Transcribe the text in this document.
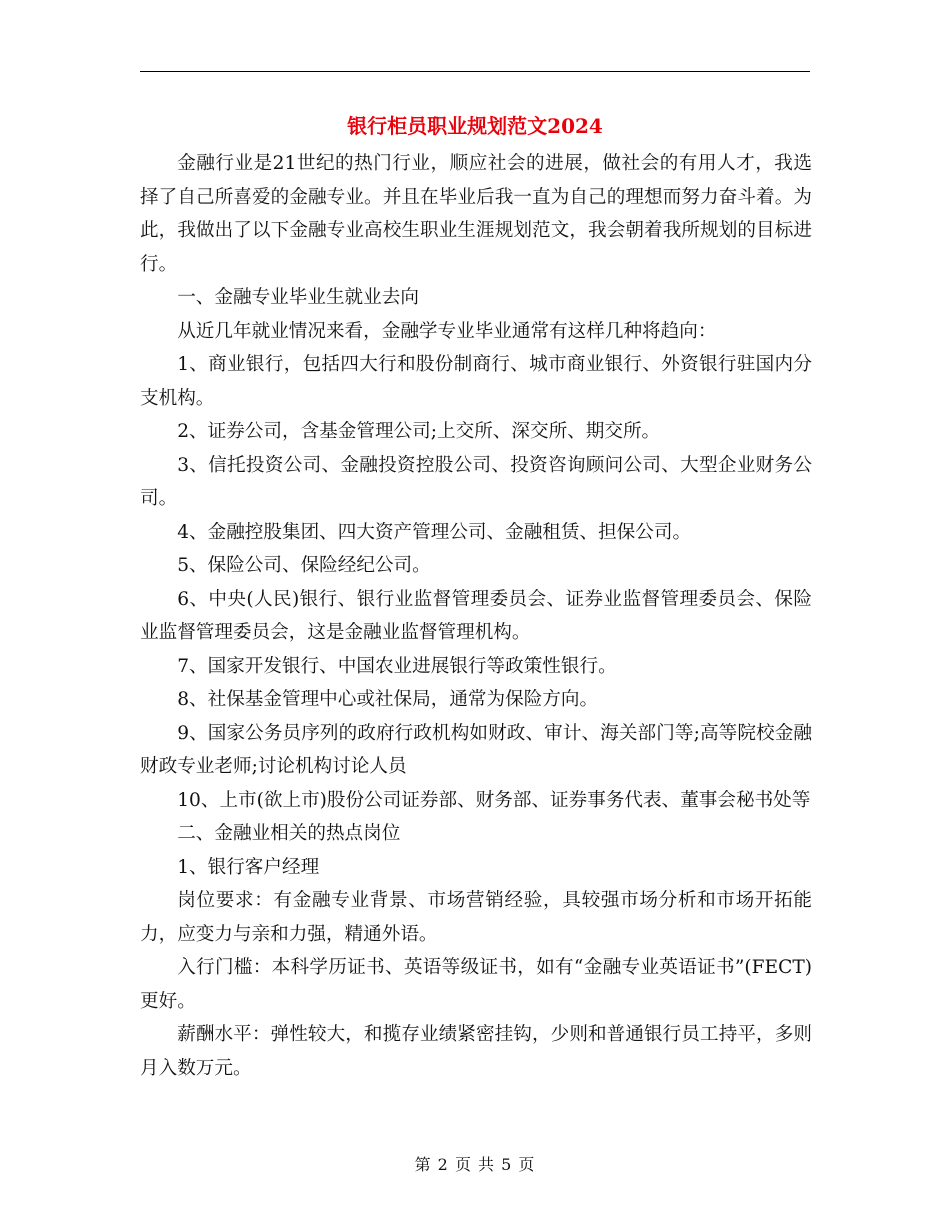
银行柜员职业规划范文2024

金融行业是21世纪的热门行业，顺应社会的进展，做社会的有用人才，我选择了自己所喜爱的金融专业。并且在毕业后我一直为自己的理想而努力奋斗着。为此，我做出了以下金融专业高校生职业生涯规划范文，我会朝着我所规划的目标进行。

一、金融专业毕业生就业去向

从近几年就业情况来看，金融学专业毕业通常有这样几种将趋向：

1、商业银行，包括四大行和股份制商行、城市商业银行、外资银行驻国内分支机构。

2、证券公司，含基金管理公司;上交所、深交所、期交所。

3、信托投资公司、金融投资控股公司、投资咨询顾问公司、大型企业财务公司。

4、金融控股集团、四大资产管理公司、金融租赁、担保公司。

5、保险公司、保险经纪公司。

6、中央(人民)银行、银行业监督管理委员会、证券业监督管理委员会、保险业监督管理委员会，这是金融业监督管理机构。

7、国家开发银行、中国农业进展银行等政策性银行。

8、社保基金管理中心或社保局，通常为保险方向。

9、国家公务员序列的政府行政机构如财政、审计、海关部门等;高等院校金融财政专业老师;讨论机构讨论人员

10、上市(欲上市)股份公司证券部、财务部、证券事务代表、董事会秘书处等

二、金融业相关的热点岗位

1、银行客户经理

岗位要求：有金融专业背景、市场营销经验，具较强市场分析和市场开拓能力，应变力与亲和力强，精通外语。

入行门槛：本科学历证书、英语等级证书，如有“金融专业英语证书”(FECT)更好。

薪酬水平：弹性较大，和揽存业绩紧密挂钩，少则和普通银行员工持平，多则月入数万元。

第 2 页 共 5 页
